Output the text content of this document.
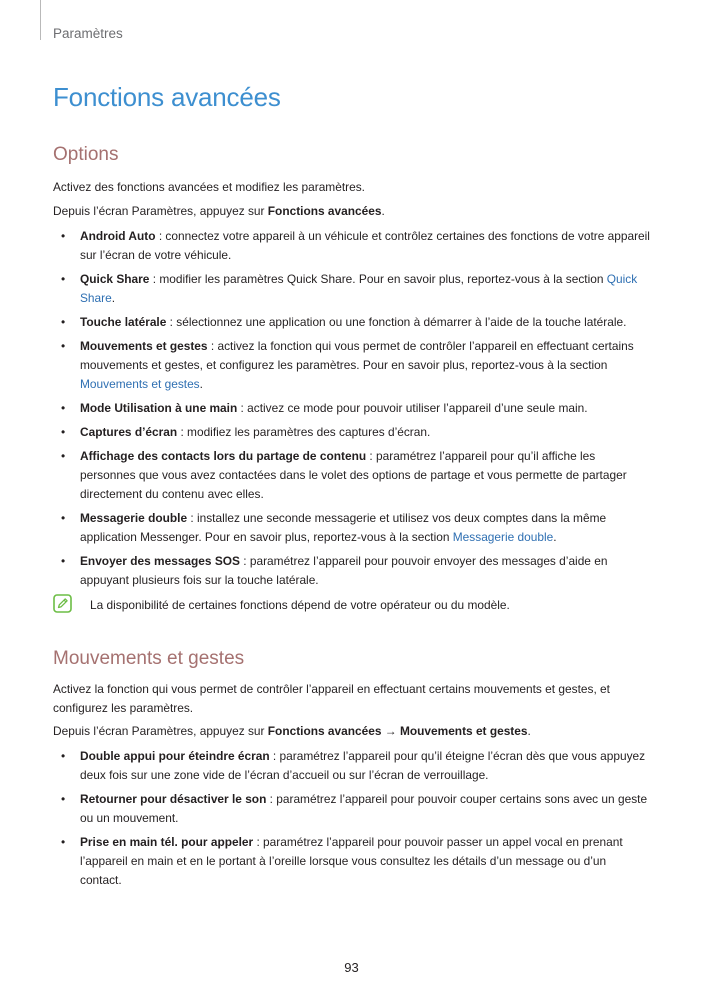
Paramètres
Fonctions avancées
Options

Activez des fonctions avancées et modifiez les paramètres.

Depuis l’écran Paramètres, appuyez sur Fonctions avancées.

• Android Auto : connectez votre appareil à un véhicule et contrôlez certaines des fonctions de votre appareil sur l’écran de votre véhicule.
• Quick Share : modifier les paramètres Quick Share. Pour en savoir plus, reportez-vous à la section Quick Share.
• Touche latérale : sélectionnez une application ou une fonction à démarrer à l’aide de la touche latérale.
• Mouvements et gestes : activez la fonction qui vous permet de contrôler l’appareil en effectuant certains mouvements et gestes, et configurez les paramètres. Pour en savoir plus, reportez-vous à la section Mouvements et gestes.
• Mode Utilisation à une main : activez ce mode pour pouvoir utiliser l’appareil d’une seule main.
• Captures d’écran : modifiez les paramètres des captures d’écran.
• Affichage des contacts lors du partage de contenu : paramétrez l’appareil pour qu’il affiche les personnes que vous avez contactées dans le volet des options de partage et vous permette de partager directement du contenu avec elles.
• Messagerie double : installez une seconde messagerie et utilisez vos deux comptes dans la même application Messenger. Pour en savoir plus, reportez-vous à la section Messagerie double.
• Envoyer des messages SOS : paramétrez l’appareil pour pouvoir envoyer des messages d’aide en appuyant plusieurs fois sur la touche latérale.
La disponibilité de certaines fonctions dépend de votre opérateur ou du modèle.
Mouvements et gestes

Activez la fonction qui vous permet de contrôler l’appareil en effectuant certains mouvements et gestes, et configurez les paramètres.

Depuis l’écran Paramètres, appuyez sur Fonctions avancées → Mouvements et gestes.

• Double appui pour éteindre écran : paramétrez l’appareil pour qu’il éteigne l’écran dès que vous appuyez deux fois sur une zone vide de l’écran d’accueil ou sur l’écran de verrouillage.
• Retourner pour désactiver le son : paramétrez l’appareil pour pouvoir couper certains sons avec un geste ou un mouvement.
• Prise en main tél. pour appeler : paramétrez l’appareil pour pouvoir passer un appel vocal en prenant l’appareil en main et en le portant à l’oreille lorsque vous consultez les détails d’un message ou d’un contact.
93
